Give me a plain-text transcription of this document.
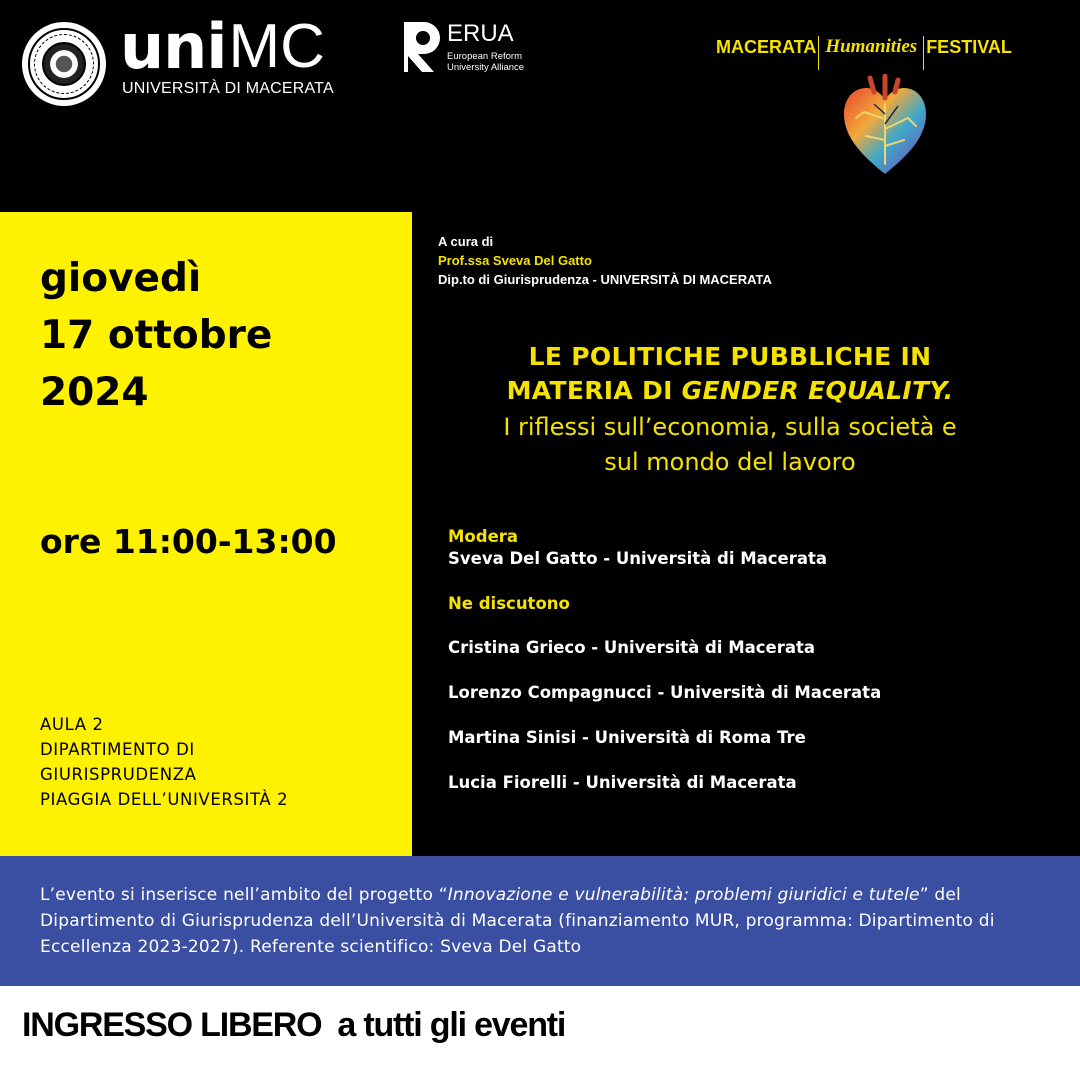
uni MC
UNIVERSITÀ DI MACERATA
ERUA
European Reform
University Alliance
MACERATA Humanities FESTIVAL
giovedì
17 ottobre
2024
ore 11:00-13:00
AULA 2
DIPARTIMENTO DI
GIURISPRUDENZA
PIAGGIA DELL’UNIVERSITÀ 2
A cura di
Prof.ssa Sveva Del Gatto
Dip.to di Giurisprudenza - UNIVERSITÀ DI MACERATA
LE POLITICHE PUBBLICHE IN
MATERIA DI GENDER EQUALITY.
I riflessi sull’economia, sulla società e
sul mondo del lavoro
Modera
Sveva Del Gatto - Università di Macerata
Ne discutono
Cristina Grieco - Università di Macerata
Lorenzo Compagnucci - Università di Macerata
Martina Sinisi - Università di Roma Tre
Lucia Fiorelli - Università di Macerata
L’evento si inserisce nell’ambito del progetto “Innovazione e vulnerabilità: problemi giuridici e tutele” del Dipartimento di Giurisprudenza dell’Università di Macerata (finanziamento MUR, programma: Dipartimento di Eccellenza 2023-2027). Referente scientifico: Sveva Del Gatto
INGRESSO LIBERO a tutti gli eventi
